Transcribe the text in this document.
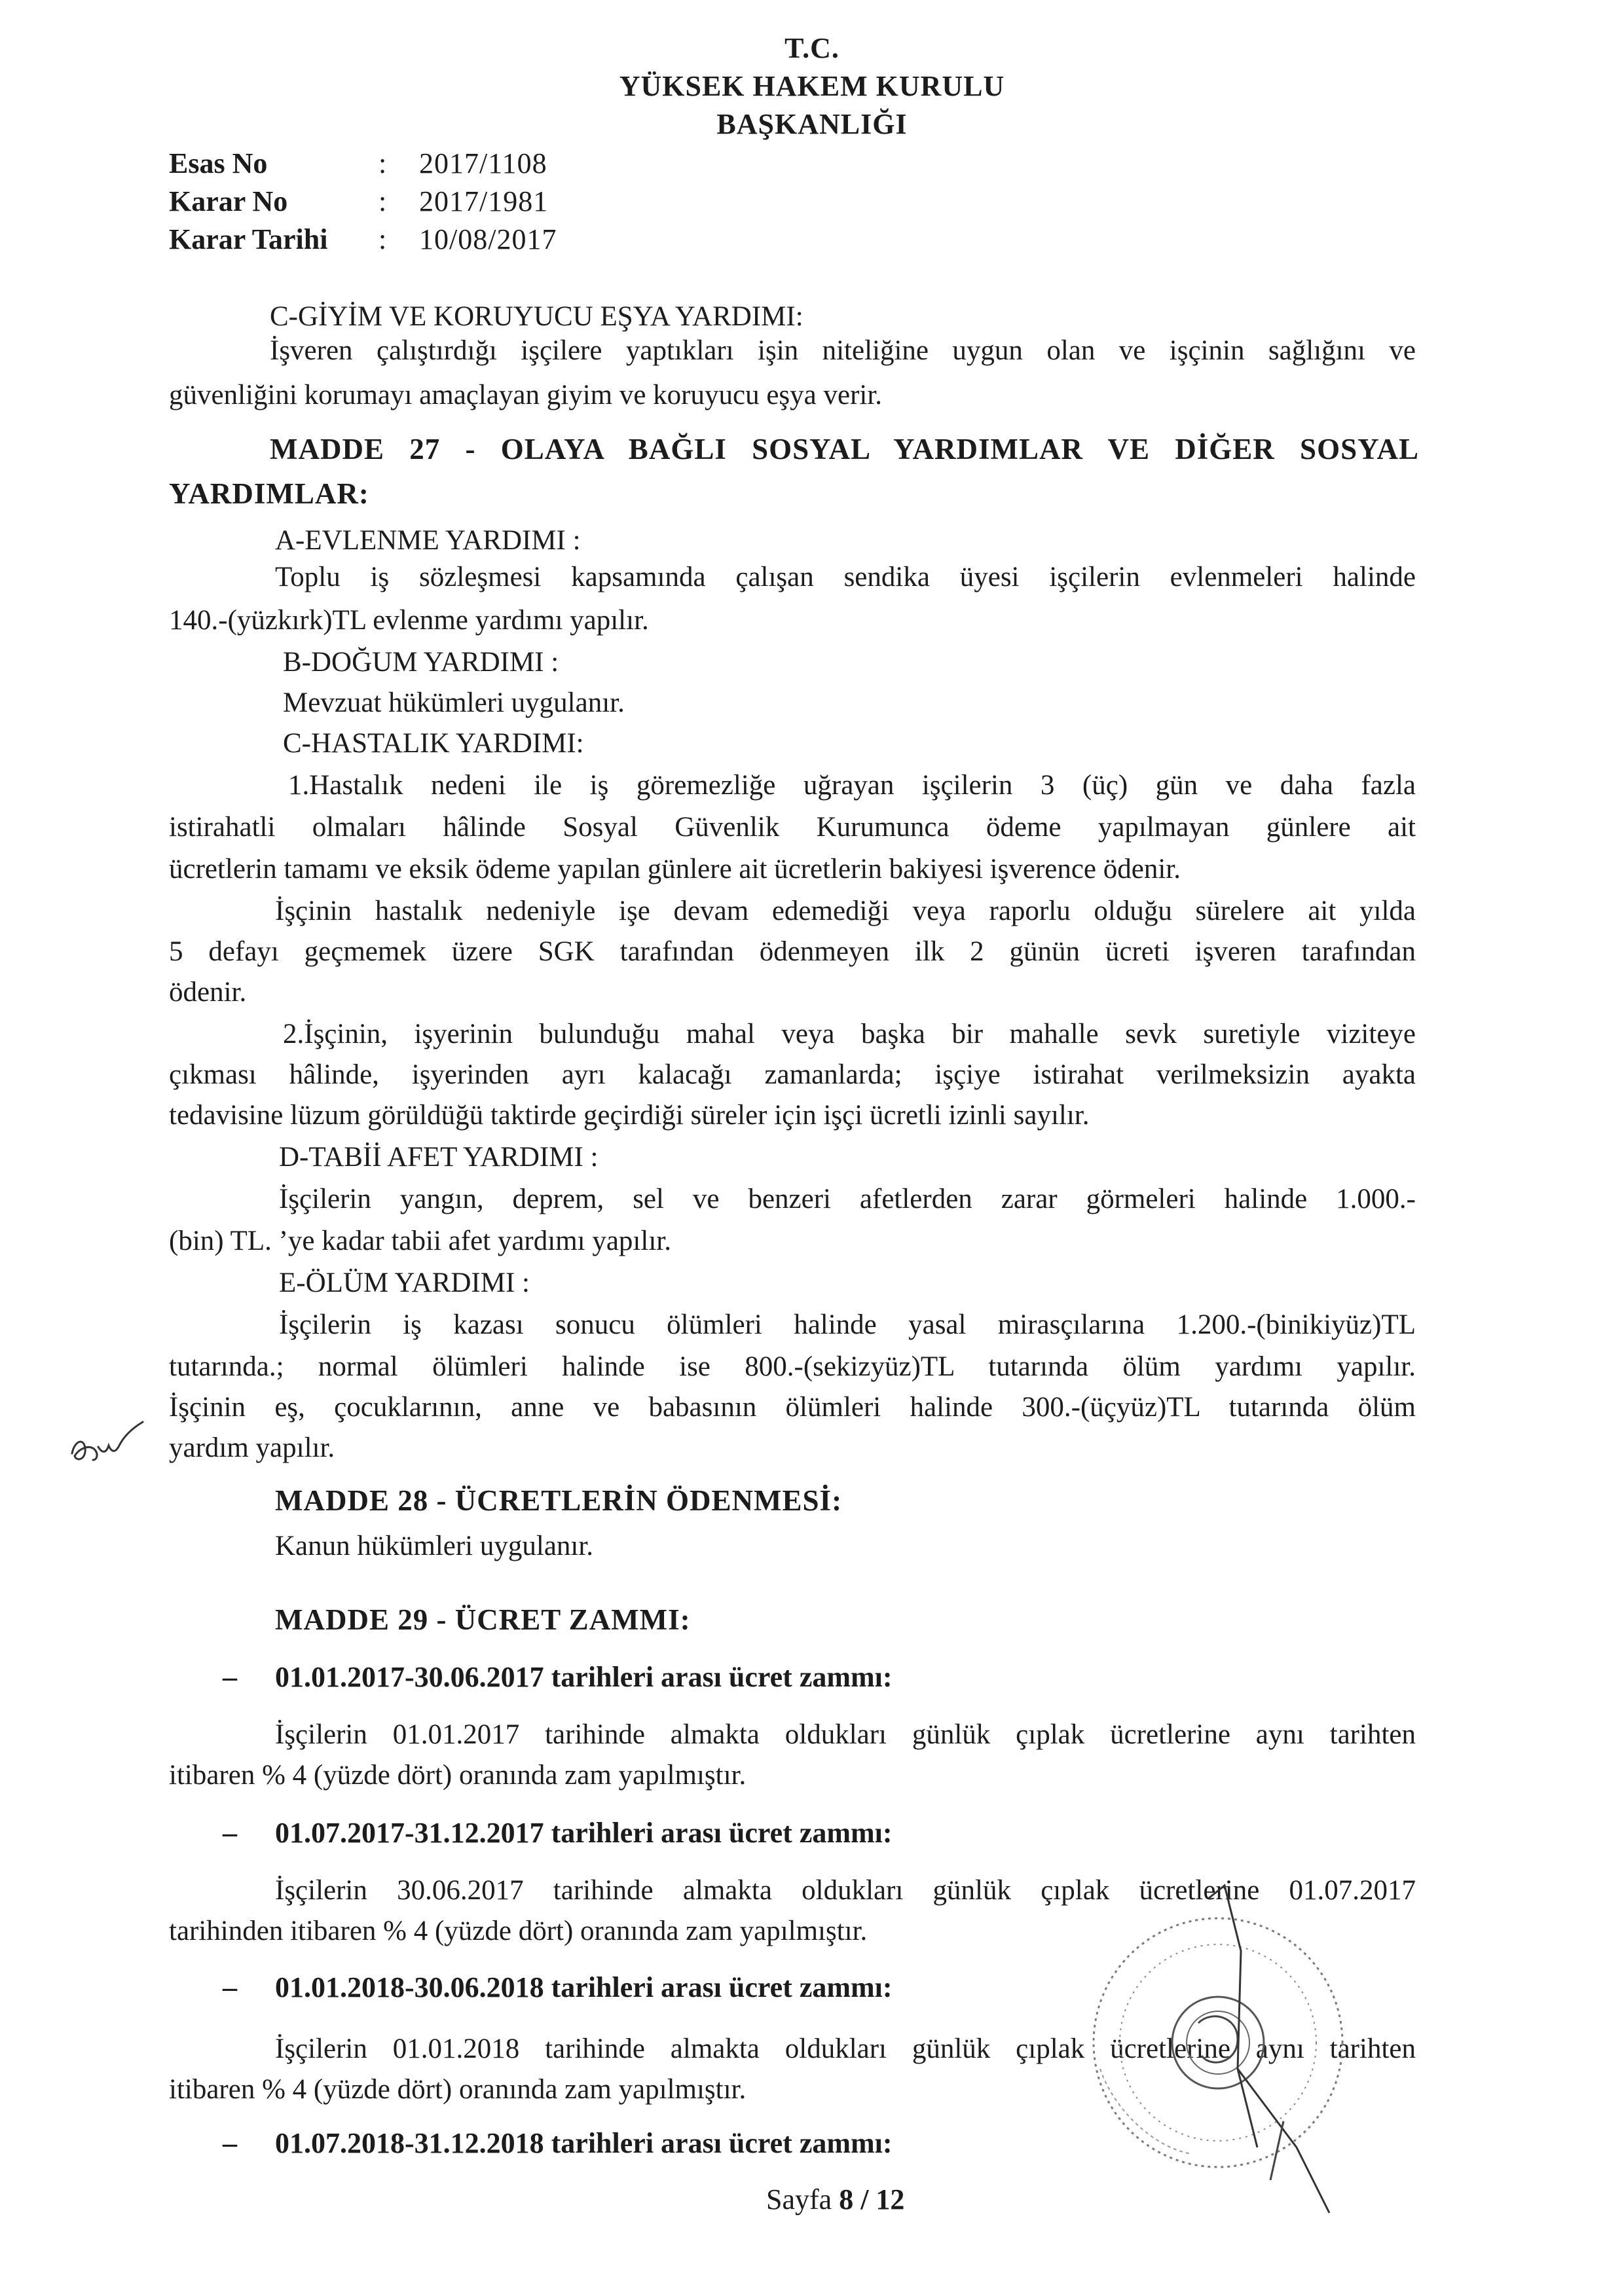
T.C.
YÜKSEK HAKEM KURULU
BAŞKANLIĞI
Esas No	:	2017/1108
Karar No	:	2017/1981
Karar Tarihi	:	10/08/2017
C-GİYİM VE KORUYUCU EŞYA YARDIMI:
İşveren çalıştırdığı işçilere yaptıkları işin niteliğine uygun olan ve işçinin sağlığını ve
güvenliğini korumayı amaçlayan giyim ve koruyucu eşya verir.
MADDE 27 - OLAYA BAĞLI SOSYAL YARDIMLAR VE DİĞER SOSYAL
YARDIMLAR:
A-EVLENME YARDIMI :
Toplu iş sözleşmesi kapsamında çalışan sendika üyesi işçilerin evlenmeleri halinde
140.-(yüzkırk)TL evlenme yardımı yapılır.
B-DOĞUM YARDIMI :
Mevzuat hükümleri uygulanır.
C-HASTALIK YARDIMI:
1.Hastalık nedeni ile iş göremezliğe uğrayan işçilerin 3 (üç) gün ve daha fazla
istirahatli olmaları hâlinde Sosyal Güvenlik Kurumunca ödeme yapılmayan günlere ait
ücretlerin tamamı ve eksik ödeme yapılan günlere ait ücretlerin bakiyesi işverence ödenir.
İşçinin hastalık nedeniyle işe devam edemediği veya raporlu olduğu sürelere ait yılda
5 defayı geçmemek üzere SGK tarafından ödenmeyen ilk 2 günün ücreti işveren tarafından
ödenir.
2.İşçinin, işyerinin bulunduğu mahal veya başka bir mahalle sevk suretiyle viziteye
çıkması hâlinde, işyerinden ayrı kalacağı zamanlarda; işçiye istirahat verilmeksizin ayakta
tedavisine lüzum görüldüğü taktirde geçirdiği süreler için işçi ücretli izinli sayılır.
D-TABİİ AFET YARDIMI :
İşçilerin yangın, deprem, sel ve benzeri afetlerden zarar görmeleri halinde 1.000.-
(bin) TL. ’ye kadar tabii afet yardımı yapılır.
E-ÖLÜM YARDIMI :
İşçilerin iş kazası sonucu ölümleri halinde yasal mirasçılarına 1.200.-(binikiyüz)TL
tutarında.; normal ölümleri halinde ise 800.-(sekizyüz)TL tutarında ölüm yardımı yapılır.
İşçinin eş, çocuklarının, anne ve babasının ölümleri halinde 300.-(üçyüz)TL tutarında ölüm
yardım yapılır.
MADDE 28 - ÜCRETLERİN ÖDENMESİ:
Kanun hükümleri uygulanır.
MADDE 29 - ÜCRET ZAMMI:
– 01.01.2017-30.06.2017 tarihleri arası ücret zammı:
İşçilerin 01.01.2017 tarihinde almakta oldukları günlük çıplak ücretlerine aynı tarihten
itibaren % 4 (yüzde dört) oranında zam yapılmıştır.
– 01.07.2017-31.12.2017 tarihleri arası ücret zammı:
İşçilerin 30.06.2017 tarihinde almakta oldukları günlük çıplak ücretlerine 01.07.2017
tarihinden itibaren % 4 (yüzde dört) oranında zam yapılmıştır.
– 01.01.2018-30.06.2018 tarihleri arası ücret zammı:
İşçilerin 01.01.2018 tarihinde almakta oldukları günlük çıplak ücretlerine aynı tarihten
itibaren % 4 (yüzde dört) oranında zam yapılmıştır.
– 01.07.2018-31.12.2018 tarihleri arası ücret zammı:
Sayfa 8 / 12
